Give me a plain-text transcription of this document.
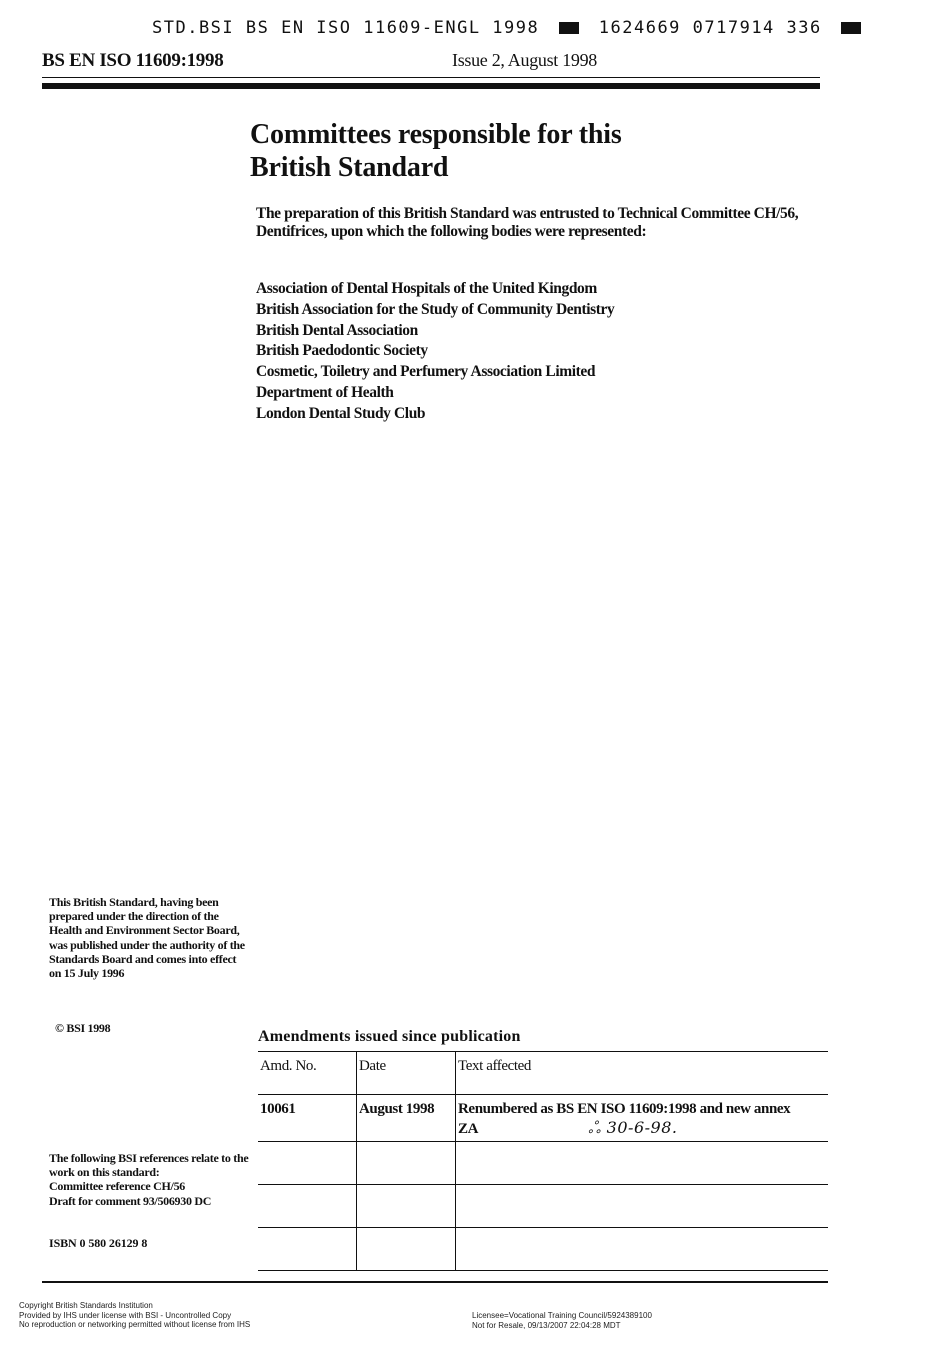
STD.BSI BS EN ISO 11609-ENGL 1998	1624669 0717914 336
BS EN ISO 11609:1998	Issue 2, August 1998
Committees responsible for this
British Standard
The preparation of this British Standard was entrusted to Technical Committee CH/56, Dentifrices, upon which the following bodies were represented:
Association of Dental Hospitals of the United Kingdom
British Association for the Study of Community Dentistry
British Dental Association
British Paedodontic Society
Cosmetic, Toiletry and Perfumery Association Limited
Department of Health
London Dental Study Club
This British Standard, having been prepared under the direction of the Health and Environment Sector Board, was published under the authority of the Standards Board and comes into effect on 15 July 1996
© BSI 1998
The following BSI references relate to the work on this standard:
Committee reference CH/56
Draft for comment 93/506930 DC
ISBN 0 580 26129 8
Amendments issued since publication
Amd. No.	Date	Text affected
10061	August 1998	Renumbered as BS EN ISO 11609:1998 and new annex ZA ஃ 30-6-98.

Copyright British Standards Institution
Provided by IHS under license with BSI - Uncontrolled Copy
No reproduction or networking permitted without license from IHS
Licensee=Vocational Training Council/5924389100
Not for Resale, 09/13/2007 22:04:28 MDT
